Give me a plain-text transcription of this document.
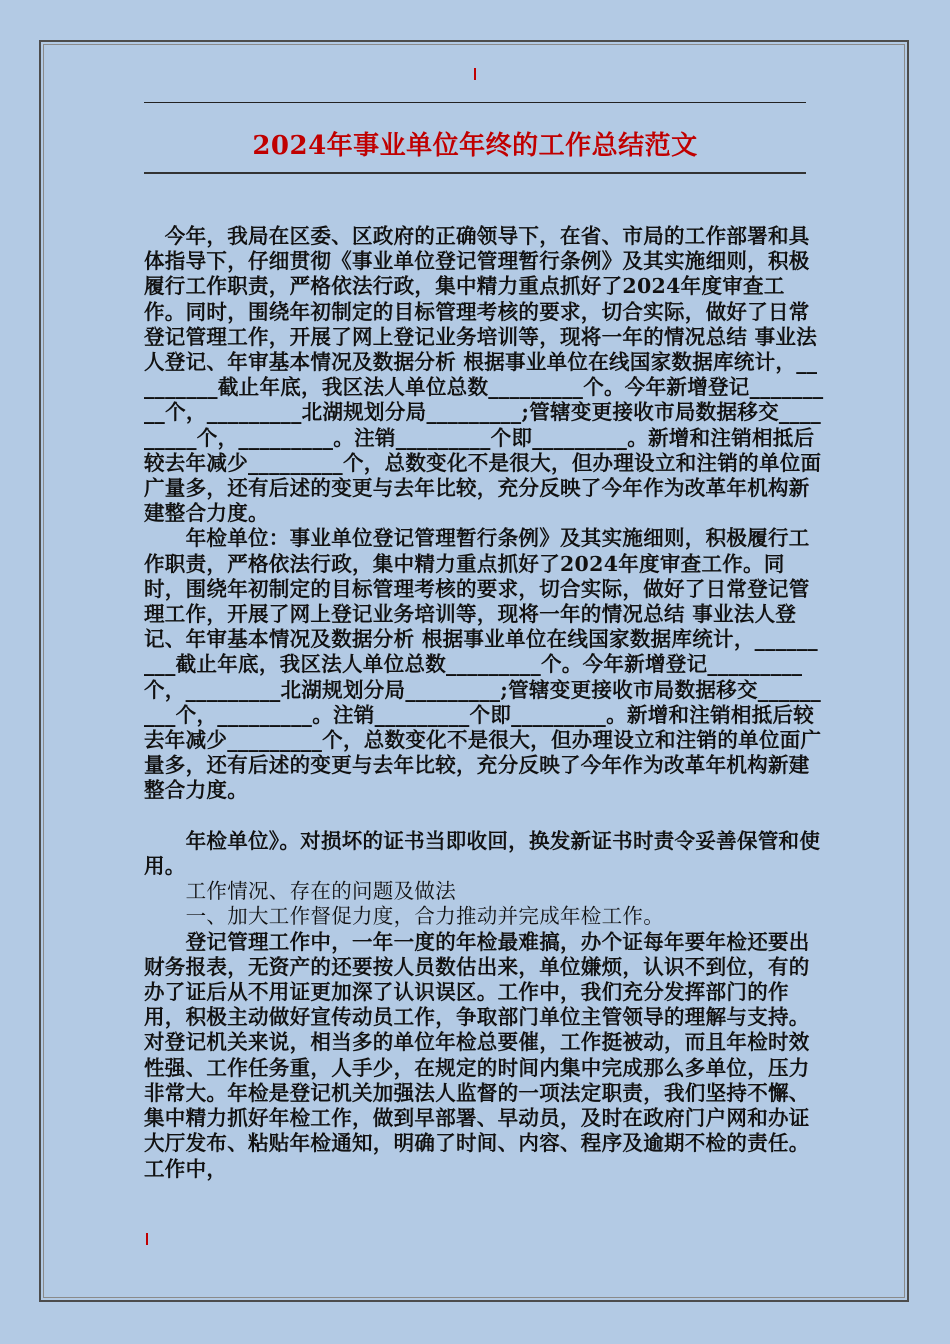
2024年事业单位年终的工作总结范文

　今年，我局在区委、区政府的正确领导下，在省、市局的工作部署和具体指导下，仔细贯彻《事业单位登记管理暂行条例》及其实施细则，积极履行工作职责，严格依法行政，集中精力重点抓好了2024年度审查工作。同时，围绕年初制定的目标管理考核的要求，切合实际，做好了日常登记管理工作，开展了网上登记业务培训等，现将一年的情况总结 事业法人登记、年审基本情况及数据分析 根据事业单位在线国家数据库统计，_________截止年底，我区法人单位总数_________个。今年新增登记_________个，_________北湖规划分局_________;管辖变更接收市局数据移交_________个，_________。注销_________个即_________。新增和注销相抵后较去年减少_________个，总数变化不是很大，但办理设立和注销的单位面广量多，还有后述的变更与去年比较，充分反映了今年作为改革年机构新建整合力度。

　　年检单位：事业单位登记管理暂行条例》及其实施细则，积极履行工作职责，严格依法行政，集中精力重点抓好了2024年度审查工作。同时，围绕年初制定的目标管理考核的要求，切合实际，做好了日常登记管理工作，开展了网上登记业务培训等，现将一年的情况总结 事业法人登记、年审基本情况及数据分析 根据事业单位在线国家数据库统计，_________截止年底，我区法人单位总数_________个。今年新增登记_________个，_________北湖规划分局_________;管辖变更接收市局数据移交_________个，_________。注销_________个即_________。新增和注销相抵后较去年减少_________个，总数变化不是很大，但办理设立和注销的单位面广量多，还有后述的变更与去年比较，充分反映了今年作为改革年机构新建整合力度。

　　年检单位》。对损坏的证书当即收回，换发新证书时责令妥善保管和使用。

　　工作情况、存在的问题及做法

　　一、加大工作督促力度，合力推动并完成年检工作。

　　登记管理工作中，一年一度的年检最难搞，办个证每年要年检还要出财务报表，无资产的还要按人员数估出来，单位嫌烦，认识不到位，有的办了证后从不用证更加深了认识误区。工作中，我们充分发挥部门的作用，积极主动做好宣传动员工作，争取部门单位主管领导的理解与支持。对登记机关来说，相当多的单位年检总要催，工作挺被动，而且年检时效性强、工作任务重，人手少，在规定的时间内集中完成那么多单位，压力非常大。年检是登记机关加强法人监督的一项法定职责，我们坚持不懈、集中精力抓好年检工作，做到早部署、早动员，及时在政府门户网和办证大厅发布、粘贴年检通知，明确了时间、内容、程序及逾期不检的责任。工作中，
